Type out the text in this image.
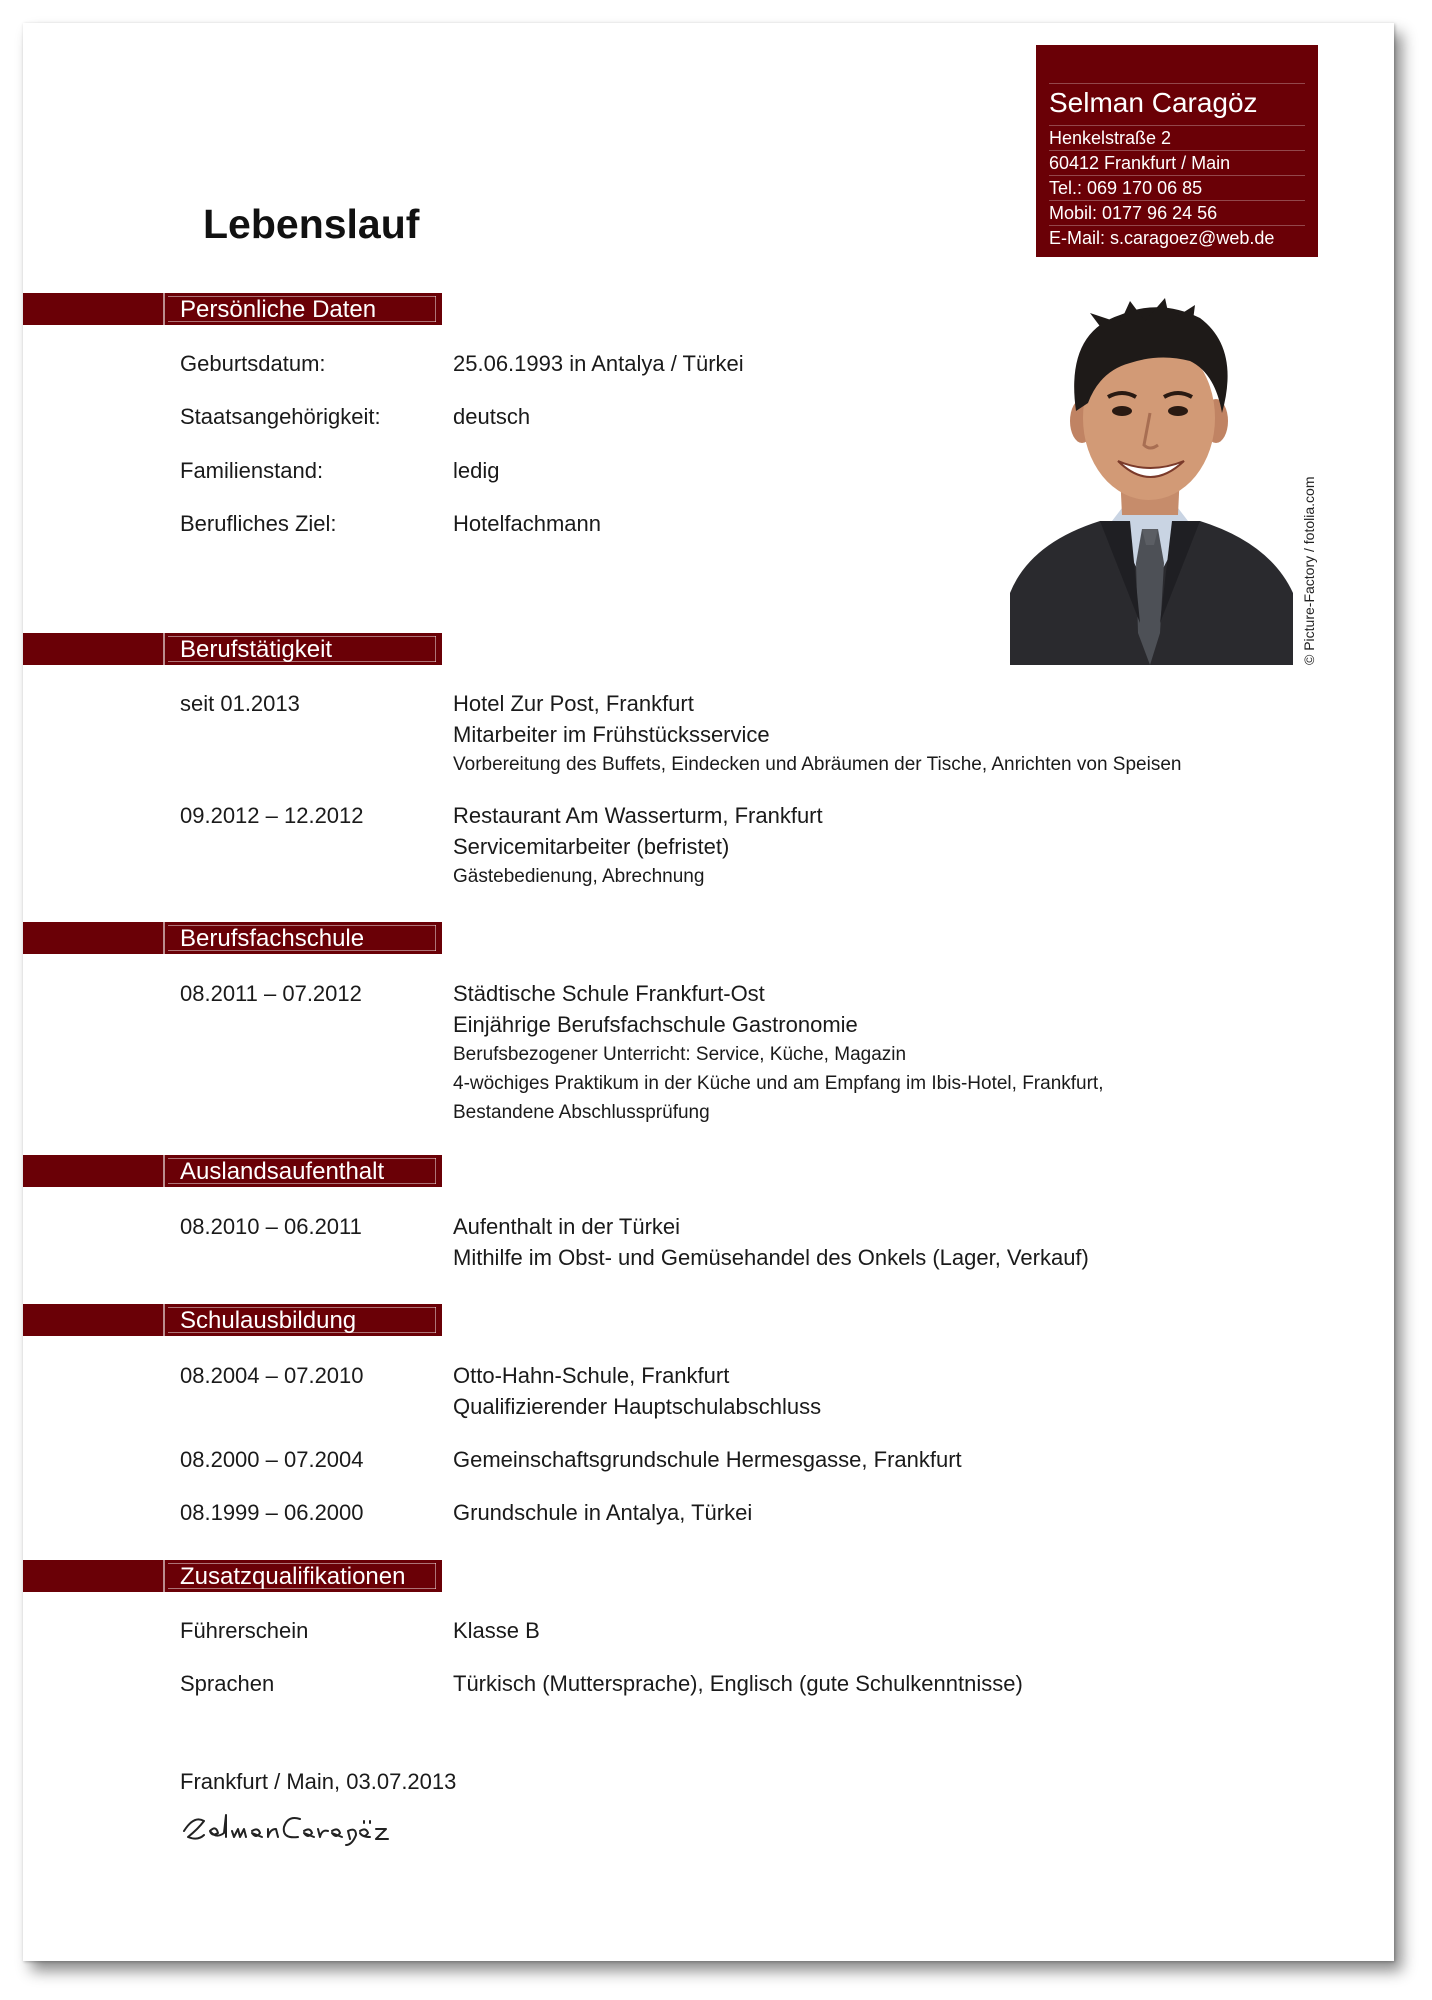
Selman Caragöz
Henkelstraße 2
60412 Frankfurt / Main
Tel.: 069 170 06 85
Mobil: 0177 96 24 56
E-Mail: s.caragoez@web.de
Lebenslauf
Persönliche Daten
Geburtsdatum:	25.06.1993 in Antalya / Türkei
Staatsangehörigkeit:	deutsch
Familienstand:	ledig
Berufliches Ziel:	Hotelfachmann	© Picture-Factory / fotolia.com
Berufstätigkeit
seit 01.2013	Hotel Zur Post, Frankfurt
Mitarbeiter im Frühstücksservice
Vorbereitung des Buffets, Eindecken und Abräumen der Tische, Anrichten von Speisen
09.2012 – 12.2012	Restaurant Am Wasserturm, Frankfurt
Servicemitarbeiter (befristet)
Gästebedienung, Abrechnung
Berufsfachschule
08.2011 – 07.2012	Städtische Schule Frankfurt-Ost
Einjährige Berufsfachschule Gastronomie
Berufsbezogener Unterricht: Service, Küche, Magazin
4-wöchiges Praktikum in der Küche und am Empfang im Ibis-Hotel, Frankfurt,
Bestandene Abschlussprüfung
Auslandsaufenthalt
08.2010 – 06.2011	Aufenthalt in der Türkei
Mithilfe im Obst- und Gemüsehandel des Onkels (Lager, Verkauf)
Schulausbildung
08.2004 – 07.2010	Otto-Hahn-Schule, Frankfurt
Qualifizierender Hauptschulabschluss
08.2000 – 07.2004	Gemeinschaftsgrundschule Hermesgasse, Frankfurt
08.1999 – 06.2000	Grundschule in Antalya, Türkei
Zusatzqualifikationen
Führerschein	Klasse B
Sprachen	Türkisch (Muttersprache), Englisch (gute Schulkenntnisse)
Frankfurt / Main, 03.07.2013
